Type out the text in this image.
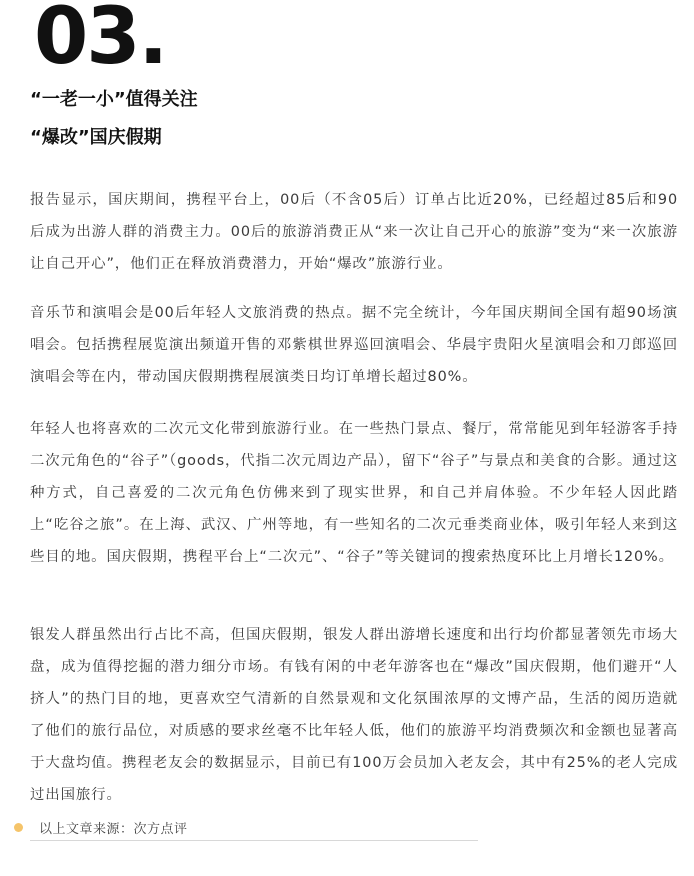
03.
“一老一小”值得关注
“爆改”国庆假期

报告显示，国庆期间，携程平台上，00后（不含05后）订单占比近20%，已经超过85后和90后成为出游人群的消费主力。00后的旅游消费正从“来一次让自己开心的旅游”变为“来一次旅游让自己开心”，他们正在释放消费潜力，开始“爆改”旅游行业。

音乐节和演唱会是00后年轻人文旅消费的热点。据不完全统计，今年国庆期间全国有超90场演唱会。包括携程展览演出频道开售的邓紫棋世界巡回演唱会、华晨宇贵阳火星演唱会和刀郎巡回演唱会等在内，带动国庆假期携程展演类日均订单增长超过80%。

年轻人也将喜欢的二次元文化带到旅游行业。在一些热门景点、餐厅，常常能见到年轻游客手持二次元角色的“谷子”（goods，代指二次元周边产品），留下“谷子”与景点和美食的合影。通过这种方式，自己喜爱的二次元角色仿佛来到了现实世界，和自己并肩体验。不少年轻人因此踏上“吃谷之旅”。在上海、武汉、广州等地，有一些知名的二次元垂类商业体，吸引年轻人来到这些目的地。国庆假期，携程平台上“二次元”、“谷子”等关键词的搜索热度环比上月增长120%。

银发人群虽然出行占比不高，但国庆假期，银发人群出游增长速度和出行均价都显著领先市场大盘，成为值得挖掘的潜力细分市场。有钱有闲的中老年游客也在“爆改”国庆假期，他们避开“人挤人”的热门目的地，更喜欢空气清新的自然景观和文化氛围浓厚的文博产品，生活的阅历造就了他们的旅行品位，对质感的要求丝毫不比年轻人低，他们的旅游平均消费频次和金额也显著高于大盘均值。携程老友会的数据显示，目前已有100万会员加入老友会，其中有25%的老人完成过出国旅行。

以上文章来源：次方点评
